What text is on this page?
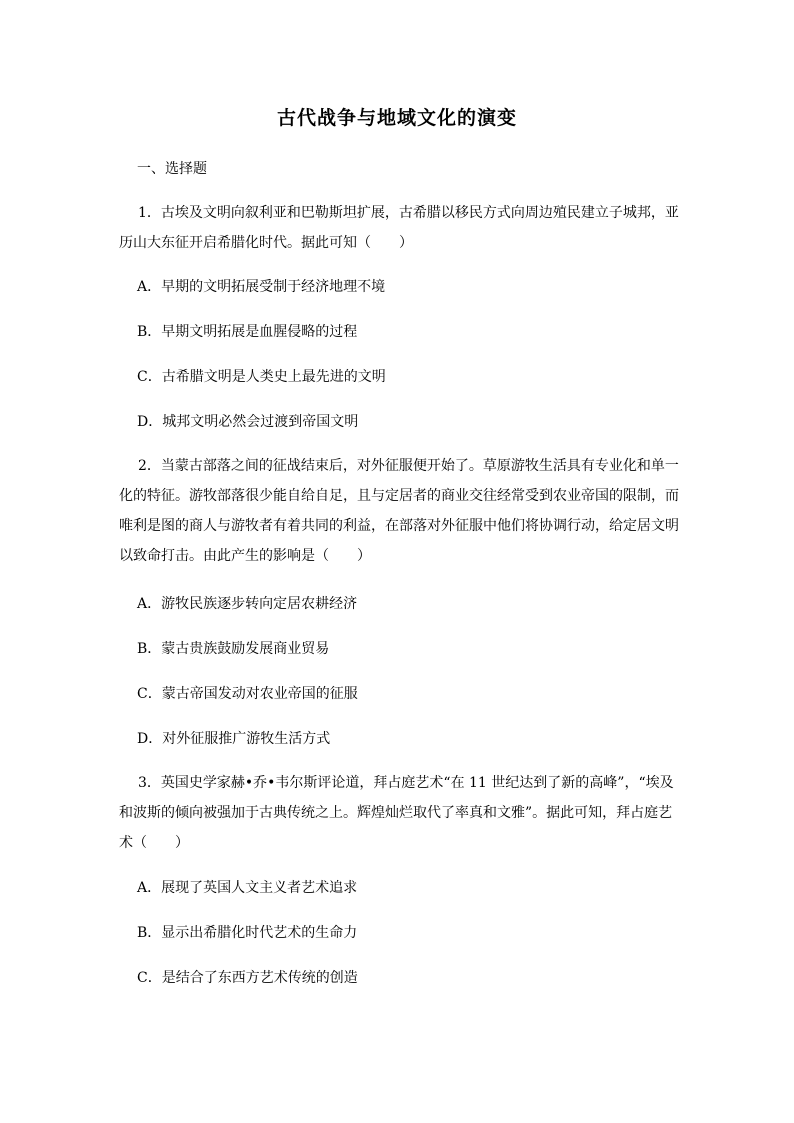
古代战争与地域文化的演变
一、选择题
1．古埃及文明向叙利亚和巴勒斯坦扩展，古希腊以移民方式向周边殖民建立子城邦，亚历山大东征开启希腊化时代。据此可知（　　）
A．早期的文明拓展受制于经济地理不境
B．早期文明拓展是血腥侵略的过程
C．古希腊文明是人类史上最先进的文明
D．城邦文明必然会过渡到帝国文明
2．当蒙古部落之间的征战结束后，对外征服便开始了。草原游牧生活具有专业化和单一化的特征。游牧部落很少能自给自足，且与定居者的商业交往经常受到农业帝国的限制，而唯利是图的商人与游牧者有着共同的利益，在部落对外征服中他们将协调行动，给定居文明以致命打击。由此产生的影响是（　　）
A．游牧民族逐步转向定居农耕经济
B．蒙古贵族鼓励发展商业贸易
C．蒙古帝国发动对农业帝国的征服
D．对外征服推广游牧生活方式
3．英国史学家赫•乔•韦尔斯评论道，拜占庭艺术“在 11 世纪达到了新的高峰”，“埃及和波斯的倾向被强加于古典传统之上。辉煌灿烂取代了率真和文雅”。据此可知，拜占庭艺术（　　）
A．展现了英国人文主义者艺术追求
B．显示出希腊化时代艺术的生命力
C．是结合了东西方艺术传统的创造
